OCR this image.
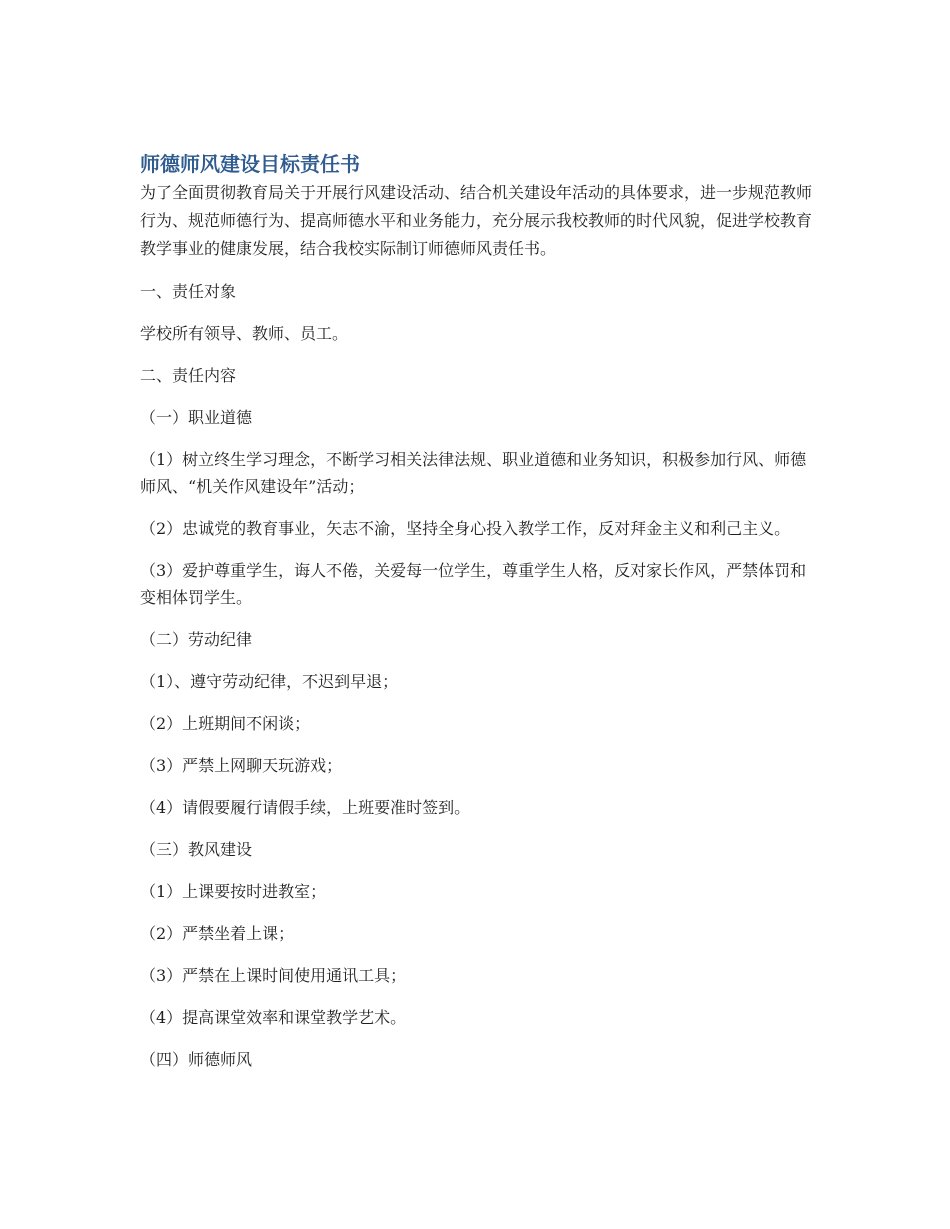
师德师风建设目标责任书
为了全面贯彻教育局关于开展行风建设活动、结合机关建设年活动的具体要求，进一步规范教师行为、规范师德行为、提高师德水平和业务能力，充分展示我校教师的时代风貌，促进学校教育教学事业的健康发展，结合我校实际制订师德师风责任书。
一、责任对象
学校所有领导、教师、员工。
二、责任内容
（一）职业道德
（1）树立终生学习理念，不断学习相关法律法规、职业道德和业务知识，积极参加行风、师德师风、“机关作风建设年”活动；
（2）忠诚党的教育事业，矢志不渝，坚持全身心投入教学工作，反对拜金主义和利己主义。
（3）爱护尊重学生，诲人不倦，关爱每一位学生，尊重学生人格，反对家长作风，严禁体罚和变相体罚学生。
（二）劳动纪律
（1）、遵守劳动纪律，不迟到早退；
（2）上班期间不闲谈；
（3）严禁上网聊天玩游戏；
（4）请假要履行请假手续，上班要准时签到。
（三）教风建设
（1）上课要按时进教室；
（2）严禁坐着上课；
（3）严禁在上课时间使用通讯工具；
（4）提高课堂效率和课堂教学艺术。
（四）师德师风
